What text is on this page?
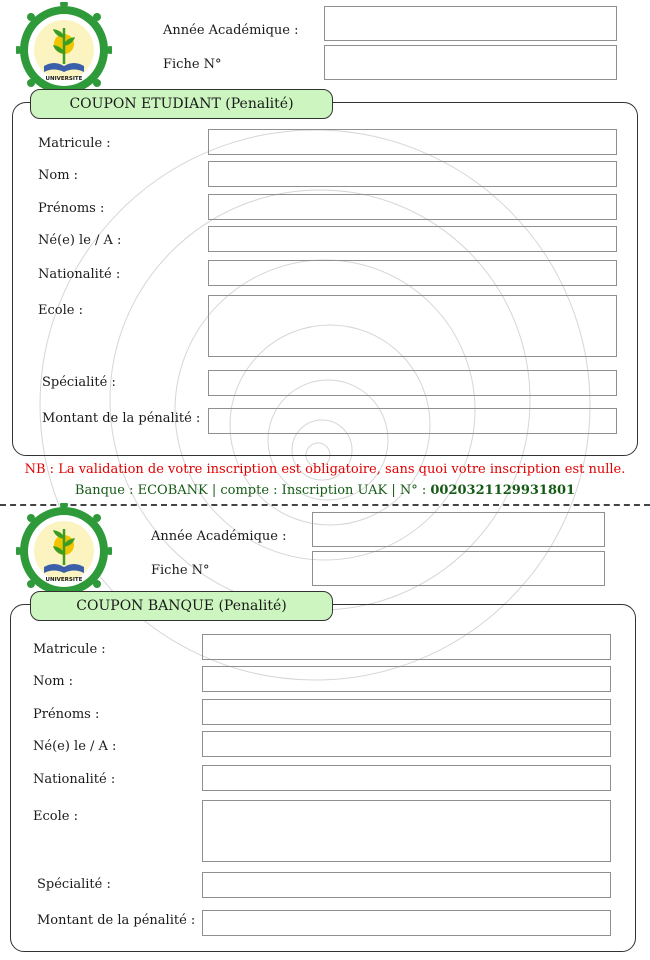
UNIVERSITE
Année Académique :
Fiche N°
COUPON ETUDIANT (Penalité)
Matricule :
Nom :
Prénoms :
Né(e) le / A :
Nationalité :
Ecole :
Spécialité :
Montant de la pénalité :
NB : La validation de votre inscription est obligatoire, sans quoi votre inscription est nulle.
Banque : ECOBANK | compte : Inscription UAK | N° : 0020321129931801
UNIVERSITE
Année Académique :
Fiche N°
COUPON BANQUE (Penalité)
Matricule :
Nom :
Prénoms :
Né(e) le / A :
Nationalité :
Ecole :
Spécialité :
Montant de la pénalité :
